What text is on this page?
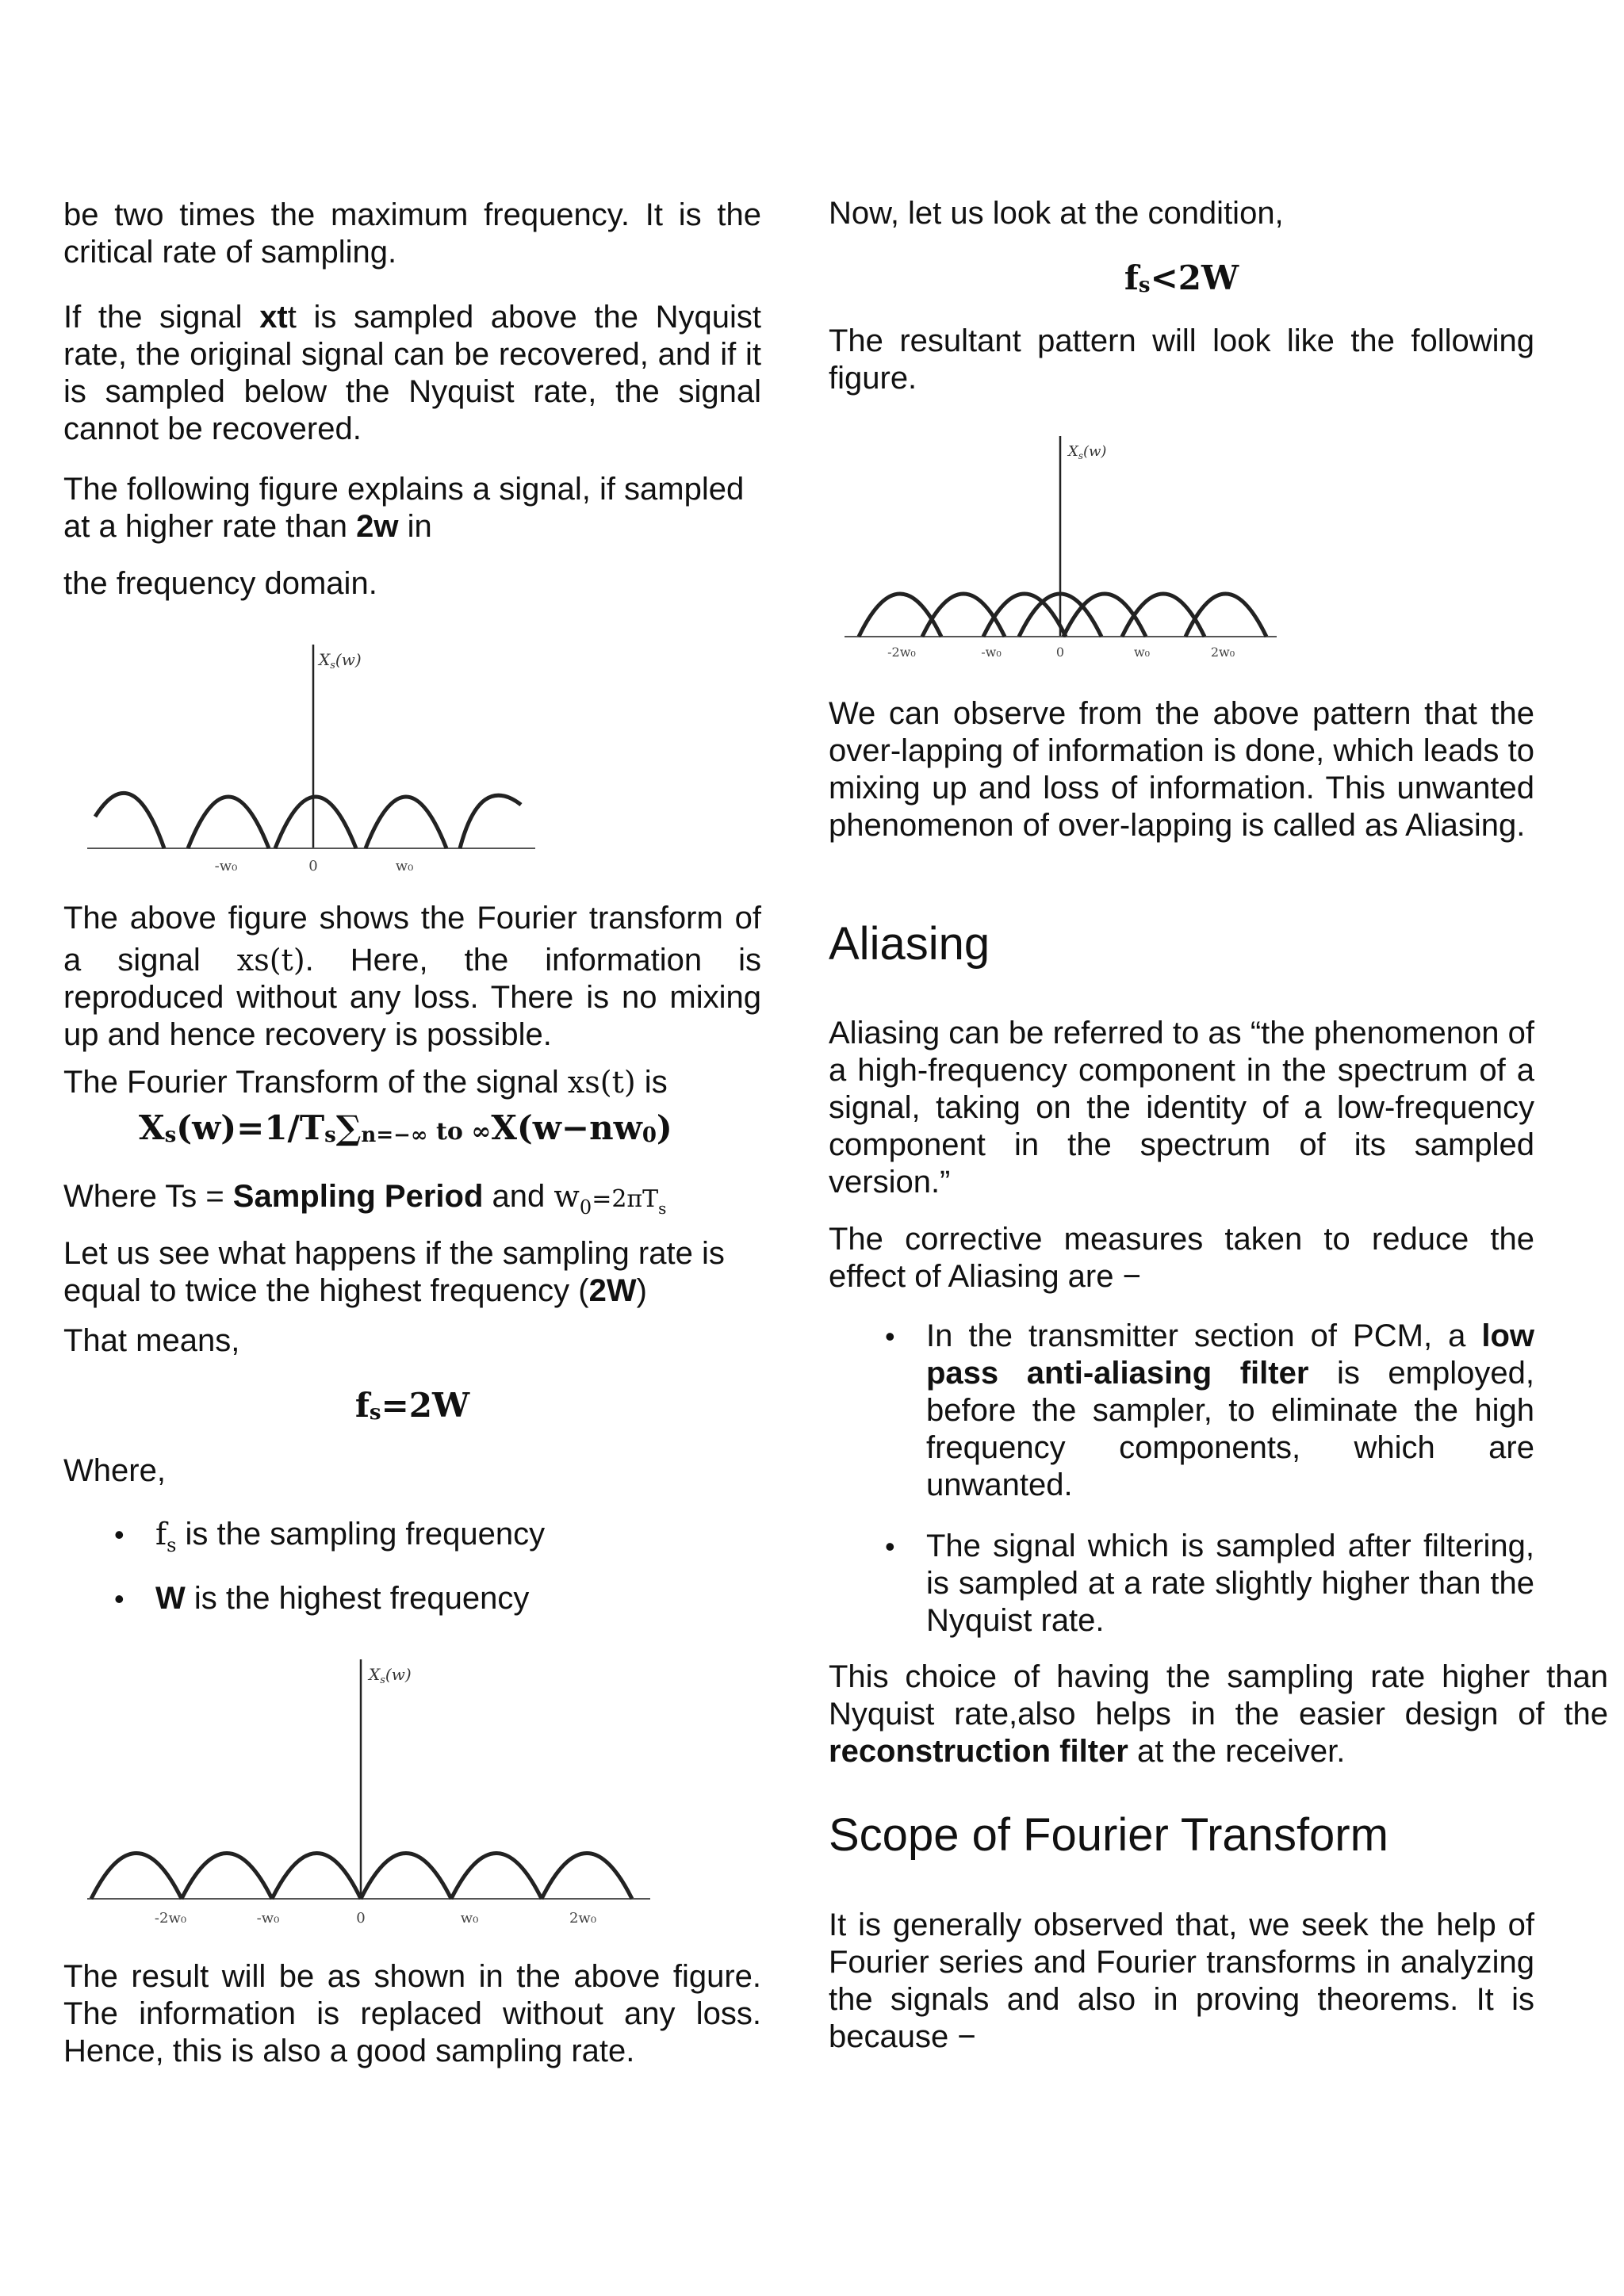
be two times the maximum frequency. It is the critical rate of sampling.

If the signal xtt is sampled above the Nyquist rate, the original signal can be recovered, and if it is sampled below the Nyquist rate, the signal cannot be recovered.

The following figure explains a signal, if sampled at a higher rate than 2w in

the frequency domain.

$X_s(w)$
-w₀	0	w₀

The above figure shows the Fourier transform of

a signal xs(t). Here, the information is reproduced without any loss. There is no mixing up and hence recovery is possible.

The Fourier Transform of the signal xs(t) is

$X_s(w)=1/T_s\sum_{n=-\infty}$ to $\infty X(w-nw_0)$

Where Ts = Sampling Period and $w_0=2\pi T_s$

Let us see what happens if the sampling rate is equal to twice the highest frequency (2W)

That means,

$f_s=2W$

Where,

• $f_s$ is the sampling frequency
• W is the highest frequency
$X_s(w)$
-2w₀	-w₀	0	w₀	2w₀

The result will be as shown in the above figure. The information is replaced without any loss. Hence, this is also a good sampling rate.

Now, let us look at the condition,

$f_s<2W$

The resultant pattern will look like the following figure.

$X_s(w)$
-2w₀	-w₀	0	w₀	2w₀

We can observe from the above pattern that the over-lapping of information is done, which leads to mixing up and loss of information. This unwanted phenomenon of over-lapping is called as Aliasing.

Aliasing

Aliasing can be referred to as “the phenomenon of a high-frequency component in the spectrum of a signal, taking on the identity of a low-frequency component in the spectrum of its sampled version.”

The corrective measures taken to reduce the effect of Aliasing are −

• In the transmitter section of PCM, a low pass anti-aliasing filter is employed, before the sampler, to eliminate the high frequency components, which are unwanted.
• The signal which is sampled after filtering, is sampled at a rate slightly higher than the Nyquist rate.

This choice of having the sampling rate higher than Nyquist rate,also helps in the easier design of the reconstruction filter at the receiver.

Scope of Fourier Transform

It is generally observed that, we seek the help of Fourier series and Fourier transforms in analyzing the signals and also in proving theorems. It is because −
